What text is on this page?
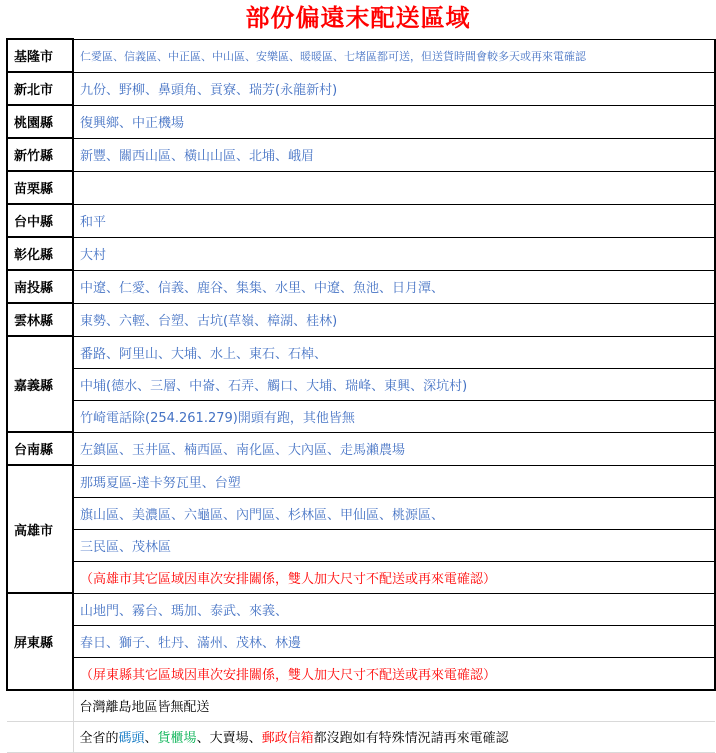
部份偏遠末配送區域
基隆市	仁愛區、信義區、中正區、中山區、安樂區、暖暖區、七堵區都可送，但送貨時間會較多天或再來電確認
新北市	九份、野柳、鼻頭角、貢寮、瑞芳(永龍新村)
桃園縣	復興鄉、中正機場
新竹縣	新豐、關西山區、橫山山區、北埔、峨眉
苗栗縣	
台中縣	和平
彰化縣	大村
南投縣	中遼、仁愛、信義、鹿谷、集集、水里、中遼、魚池、日月潭、
雲林縣	東勢、六輕、台塑、古坑(草嶺、樟湖、桂林)
嘉義縣	番路、阿里山、大埔、水上、東石、石棹、
	中埔(德水、三層、中崙、石弄、觸口、大埔、瑞峰、東興、深坑村)
	竹崎電話除(254.261.279)開頭有跑，其他皆無
台南縣	左鎮區、玉井區、楠西區、南化區、大內區、走馬瀨農場
高雄市	那瑪夏區-達卡努瓦里、台塑
	旗山區、美濃區、六龜區、內門區、杉林區、甲仙區、桃源區、
	三民區、茂林區
	（高雄市其它區域因車次安排關係，雙人加大尺寸不配送或再來電確認）
屏東縣	山地門、霧台、瑪加、泰武、來義、
	春日、獅子、牡丹、滿州、茂林、林邊
	（屏東縣其它區域因車次安排關係，雙人加大尺寸不配送或再來電確認）
	台灣離島地區皆無配送
	全省的碼頭、貨櫃場、大賣場、郵政信箱都沒跑如有特殊情況請再來電確認
